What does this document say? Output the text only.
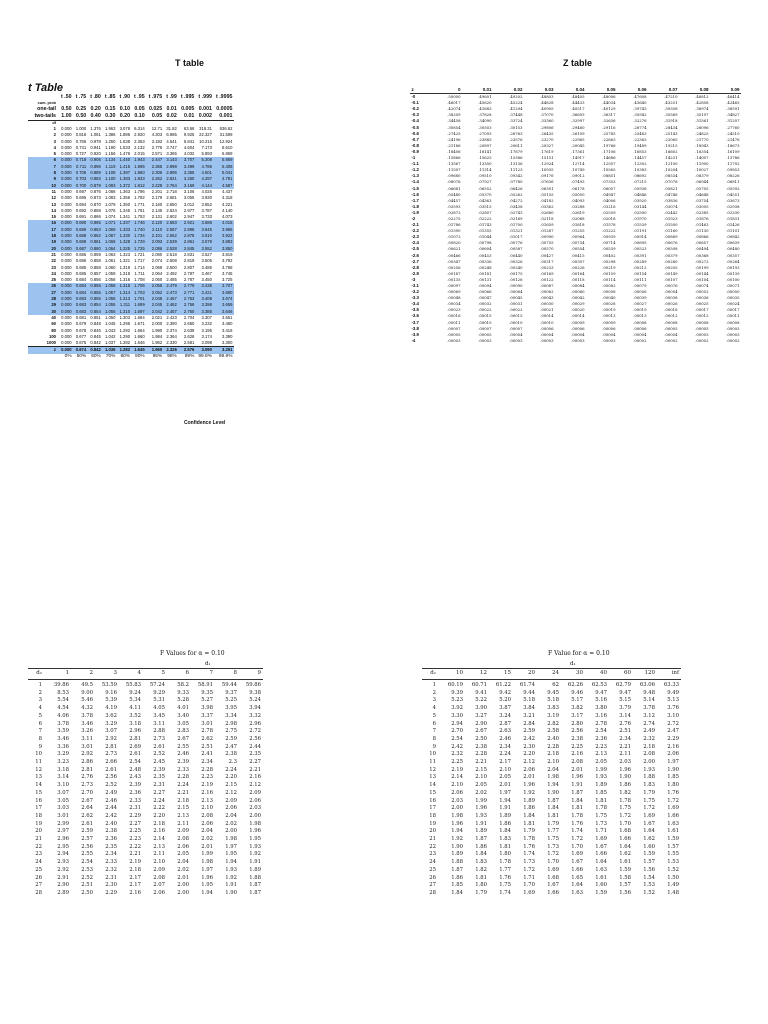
T table
t Table
	t .50	t .75	t .80	t .85	t .90	t .95	t .975	t .99	t .995	t .999	t .9995
cum. prob											
one-tail	0.50	0.25	0.20	0.15	0.10	0.05	0.025	0.01	0.005	0.001	0.0005
two-tails	1.00	0.50	0.40	0.30	0.20	0.10	0.05	0.02	0.01	0.002	0.001
df											
1	0.000	1.000	1.376	1.963	3.078	6.314	12.71	31.82	63.66	318.31	636.62
2	0.000	0.816	1.061	1.386	1.886	2.920	4.303	6.965	9.925	22.327	31.599
3	0.000	0.765	0.978	1.250	1.638	2.353	3.182	4.541	5.841	10.215	12.924
4	0.000	0.741	0.941	1.190	1.533	2.132	2.776	3.747	4.604	7.173	8.610
5	0.000	0.727	0.920	1.156	1.476	2.015	2.571	3.365	4.032	5.893	6.869
6	0.000	0.718	0.906	1.134	1.440	1.943	2.447	3.143	3.707	5.208	5.959
7	0.000	0.711	0.896	1.119	1.415	1.895	2.365	2.998	3.499	4.785	5.408
8	0.000	0.706	0.889	1.108	1.397	1.860	2.306	2.896	3.355	4.501	5.041
9	0.000	0.703	0.883	1.100	1.383	1.833	2.262	2.821	3.250	4.297	4.781
10	0.000	0.700	0.879	1.093	1.372	1.812	2.228	2.764	3.169	4.144	4.587
11	0.000	0.697	0.876	1.088	1.363	1.796	2.201	2.718	3.106	4.025	4.437
12	0.000	0.695	0.873	1.083	1.356	1.782	2.179	2.681	3.055	3.930	4.318
13	0.000	0.694	0.870	1.079	1.350	1.771	2.160	2.650	3.012	3.852	4.221
14	0.000	0.692	0.868	1.076	1.345	1.761	2.145	2.624	2.977	3.787	4.140
15	0.000	0.691	0.866	1.074	1.341	1.753	2.131	2.602	2.947	3.733	4.073
16	0.000	0.690	0.865	1.071	1.337	1.746	2.120	2.583	2.921	3.686	4.015
17	0.000	0.689	0.863	1.069	1.333	1.740	2.110	2.567	2.898	3.646	3.965
18	0.000	0.688	0.862	1.067	1.330	1.734	2.101	2.552	2.878	3.610	3.922
19	0.000	0.688	0.861	1.066	1.328	1.729	2.093	2.539	2.861	3.579	3.883
20	0.000	0.687	0.860	1.064	1.325	1.725	2.086	2.528	2.845	3.552	3.850
21	0.000	0.686	0.859	1.063	1.323	1.721	2.080	2.518	2.831	3.527	3.819
22	0.000	0.686	0.858	1.061	1.321	1.717	2.074	2.508	2.819	3.505	3.792
23	0.000	0.685	0.858	1.060	1.319	1.714	2.069	2.500	2.807	3.485	3.768
24	0.000	0.685	0.857	1.059	1.318	1.711	2.064	2.492	2.797	3.467	3.745
25	0.000	0.684	0.856	1.058	1.316	1.708	2.060	2.485	2.787	3.450	3.725
26	0.000	0.684	0.856	1.058	1.315	1.706	2.056	2.479	2.779	3.435	3.707
27	0.000	0.684	0.855	1.057	1.314	1.703	2.052	2.473	2.771	3.421	3.690
28	0.000	0.683	0.855	1.056	1.313	1.701	2.048	2.467	2.763	3.408	3.674
29	0.000	0.683	0.854	1.055	1.311	1.699	2.045	2.462	2.756	3.396	3.659
30	0.000	0.683	0.854	1.055	1.310	1.697	2.042	2.457	2.750	3.385	3.646
40	0.000	0.681	0.851	1.050	1.303	1.684	2.021	2.423	2.704	3.307	3.551
60	0.000	0.679	0.848	1.045	1.296	1.671	2.000	2.390	2.660	3.232	3.460
80	0.000	0.678	0.846	1.043	1.292	1.664	1.990	2.374	2.639	3.195	3.416
100	0.000	0.677	0.845	1.042	1.290	1.660	1.984	2.364	2.626	3.174	3.390
1000	0.000	0.675	0.842	1.037	1.282	1.646	1.962	2.330	2.581	3.098	3.300
z	0.000	0.674	0.842	1.036	1.282	1.645	1.960	2.326	2.576	3.090	3.291
	0%	50%	60%	70%	80%	90%	95%	98%	99%	99.8%	99.9%
Confidence Level
Z table
z	0	0.01	0.02	0.03	0.04	0.05	0.06	0.07	0.08	0.09
-0	.50000	.49601	.49202	.48803	.48405	.48006	.47608	.47210	.46812	.46414
-0.1	.46017	.45620	.45224	.44828	.44433	.44034	.43640	.43251	.42858	.42465
-0.2	.42074	.41683	.41294	.40905	.40517	.40129	.39743	.39358	.38974	.38591
-0.3	.38209	.37828	.37448	.37070	.36693	.36317	.35942	.35569	.35197	.34827
-0.4	.34458	.34090	.33724	.33360	.32997	.32636	.32276	.31918	.31561	.31207
-0.5	.30854	.30503	.30153	.29806	.29460	.29116	.28774	.28434	.28096	.27760
-0.6	.27425	.27093	.26763	.26435	.26109	.25785	.25463	.25143	.24825	.24510
-0.7	.24196	.23885	.23576	.23270	.22965	.22663	.22363	.22065	.21770	.21476
-0.8	.21186	.20897	.20611	.20327	.20045	.19766	.19489	.19215	.18943	.18673
-0.9	.18406	.18141	.17879	.17619	.17361	.17106	.16853	.16602	.16354	.16109
-1	.15866	.15625	.15386	.15151	.14917	.14686	.14457	.14231	.14007	.13786
-1.1	.13567	.13350	.13136	.12924	.12714	.12507	.12302	.12100	.11900	.11702
-1.2	.11507	.11314	.11123	.10935	.10749	.10565	.10383	.10204	.10027	.09853
-1.3	.09680	.09510	.09342	.09176	.09012	.08851	.08692	.08534	.08379	.08226
-1.4	.08076	.07927	.07780	.07636	.07493	.07353	.07215	.07078	.06944	.06811
-1.5	.06681	.06552	.06426	.06301	.06178	.06057	.05938	.05821	.05705	.05592
-1.6	.05480	.05370	.05262	.05155	.05050	.04947	.04846	.04746	.04648	.04551
-1.7	.04457	.04363	.04272	.04182	.04093	.04006	.03920	.03836	.03754	.03673
-1.8	.03593	.03515	.03438	.03362	.03288	.03216	.03144	.03074	.03005	.02938
-1.9	.02872	.02807	.02743	.02680	.02619	.02559	.02500	.02442	.02385	.02330
-2	.02275	.02222	.02169	.02118	.02068	.02018	.01970	.01923	.01876	.01831
-2.1	.01786	.01743	.01700	.01659	.01618	.01578	.01539	.01500	.01463	.01426
-2.2	.01390	.01355	.01321	.01287	.01255	.01222	.01191	.01160	.01130	.01101
-2.3	.01072	.01044	.01017	.00990	.00964	.00939	.00914	.00889	.00866	.00842
-2.4	.00820	.00798	.00776	.00755	.00734	.00714	.00695	.00676	.00657	.00639
-2.5	.00621	.00604	.00587	.00570	.00554	.00539	.00523	.00508	.00494	.00480
-2.6	.00466	.00453	.00440	.00427	.00415	.00402	.00391	.00379	.00368	.00357
-2.7	.00347	.00336	.00326	.00317	.00307	.00298	.00289	.00280	.00272	.00264
-2.8	.00256	.00248	.00240	.00233	.00226	.00219	.00212	.00205	.00199	.00193
-2.9	.00187	.00181	.00175	.00169	.00164	.00159	.00154	.00149	.00144	.00139
-3	.00135	.00131	.00126	.00122	.00118	.00114	.00111	.00107	.00104	.00100
-3.1	.00097	.00094	.00090	.00087	.00084	.00082	.00079	.00076	.00074	.00071
-3.2	.00069	.00066	.00064	.00062	.00060	.00058	.00056	.00054	.00052	.00050
-3.3	.00048	.00047	.00045	.00043	.00042	.00040	.00039	.00038	.00036	.00035
-3.4	.00034	.00032	.00031	.00030	.00029	.00028	.00027	.00026	.00025	.00024
-3.5	.00023	.00022	.00022	.00021	.00020	.00019	.00019	.00018	.00017	.00017
-3.6	.00016	.00015	.00015	.00014	.00014	.00013	.00013	.00012	.00012	.00011
-3.7	.00011	.00010	.00010	.00010	.00009	.00009	.00008	.00008	.00008	.00008
-3.8	.00007	.00007	.00007	.00006	.00006	.00006	.00006	.00005	.00005	.00005
-3.9	.00005	.00005	.00004	.00004	.00004	.00004	.00004	.00004	.00003	.00003
-4	.00003	.00003	.00003	.00003	.00003	.00003	.00002	.00002	.00002	.00002
F Values for α = 0.10
d₁
d₂	1	2	3	4	5	6	7	8	9
1	39.86	49.5	53.59	55.83	57.24	58.2	58.91	59.44	59.86
2	8.53	9.00	9.16	9.24	9.29	9.33	9.35	9.37	9.38
3	5.54	5.46	5.39	5.34	5.31	5.28	5.27	5.25	5.24
4	4.54	4.32	4.19	4.11	4.05	4.01	3.98	3.95	3.94
5	4.06	3.78	3.62	3.52	3.45	3.40	3.37	3.34	3.32
6	3.78	3.46	3.29	3.18	3.11	3.05	3.01	2.98	2.96
7	3.59	3.26	3.07	2.96	2.88	2.83	2.78	2.75	2.72
8	3.46	3.11	2.92	2.81	2.73	2.67	2.62	2.59	2.56
9	3.36	3.01	2.81	2.69	2.61	2.55	2.51	2.47	2.44
10	3.29	2.92	2.73	2.61	2.52	2.46	2.41	2.38	2.35
11	3.23	2.86	2.66	2.54	2.45	2.39	2.34	2.3	2.27
12	3.18	2.81	2.61	2.48	2.39	2.33	2.28	2.24	2.21
13	3.14	2.76	2.56	2.43	2.35	2.28	2.23	2.20	2.16
14	3.10	2.73	2.52	2.39	2.31	2.24	2.19	2.15	2.12
15	3.07	2.70	2.49	2.36	2.27	2.21	2.16	2.12	2.09
16	3.05	2.67	2.46	2.33	2.24	2.18	2.13	2.09	2.06
17	3.03	2.64	2.44	2.31	2.22	2.15	2.10	2.06	2.03
18	3.01	2.62	2.42	2.29	2.20	2.13	2.08	2.04	2.00
19	2.99	2.61	2.40	2.27	2.18	2.11	2.06	2.02	1.98
20	2.97	2.59	2.38	2.25	2.16	2.09	2.04	2.00	1.96
21	2.96	2.57	2.36	2.23	2.14	2.08	2.02	1.98	1.95
22	2.95	2.56	2.35	2.22	2.13	2.06	2.01	1.97	1.93
23	2.94	2.55	2.34	2.21	2.11	2.05	1.99	1.95	1.92
24	2.93	2.54	2.33	2.19	2.10	2.04	1.98	1.94	1.91
25	2.92	2.53	2.32	2.18	2.09	2.02	1.97	1.93	1.89
26	2.91	2.52	2.31	2.17	2.08	2.01	1.96	1.92	1.88
27	2.90	2.51	2.30	2.17	2.07	2.00	1.95	1.91	1.87
28	2.89	2.50	2.29	2.16	2.06	2.00	1.94	1.90	1.87
F Value for α = 0.10
d₁
d₂	10	12	15	20	24	30	40	60	120	inf
1	60.19	60.71	61.22	61.74	62	62.26	62.53	62.79	63.06	63.33
2	9.39	9.41	9.42	9.44	9.45	9.46	9.47	9.47	9.48	9.49
3	5.23	5.22	5.20	5.18	5.18	5.17	5.16	5.15	5.14	5.13
4	3.92	3.90	3.87	3.84	3.83	3.82	3.80	3.79	3.78	3.76
5	3.30	3.27	3.24	3.21	3.19	3.17	3.16	3.14	3.12	3.10
6	2.94	2.90	2.87	2.84	2.82	2.80	2.78	2.76	2.74	2.72
7	2.70	2.67	2.63	2.59	2.58	2.56	2.54	2.51	2.49	2.47
8	2.54	2.50	2.46	2.42	2.40	2.38	2.36	2.34	2.32	2.29
9	2.42	2.38	2.34	2.30	2.28	2.25	2.23	2.21	2.18	2.16
10	2.32	2.28	2.24	2.20	2.18	2.16	2.13	2.11	2.08	2.06
11	2.25	2.21	2.17	2.12	2.10	2.08	2.05	2.03	2.00	1.97
12	2.19	2.15	2.10	2.06	2.04	2.01	1.99	1.96	1.93	1.90
13	2.14	2.10	2.05	2.01	1.98	1.96	1.93	1.90	1.88	1.85
14	2.10	2.05	2.01	1.96	1.94	1.91	1.89	1.86	1.83	1.80
15	2.06	2.02	1.97	1.92	1.90	1.87	1.85	1.82	1.79	1.76
16	2.03	1.99	1.94	1.89	1.87	1.84	1.81	1.78	1.75	1.72
17	2.00	1.96	1.91	1.86	1.84	1.81	1.78	1.75	1.72	1.69
18	1.98	1.93	1.89	1.84	1.81	1.78	1.75	1.72	1.69	1.66
19	1.96	1.91	1.86	1.81	1.79	1.76	1.73	1.70	1.67	1.63
20	1.94	1.89	1.84	1.79	1.77	1.74	1.71	1.68	1.64	1.61
21	1.92	1.87	1.83	1.78	1.75	1.72	1.69	1.66	1.62	1.59
22	1.90	1.86	1.81	1.76	1.73	1.70	1.67	1.64	1.60	1.57
23	1.89	1.84	1.80	1.74	1.72	1.69	1.66	1.62	1.59	1.55
24	1.88	1.83	1.78	1.73	1.70	1.67	1.64	1.61	1.57	1.53
25	1.87	1.82	1.77	1.72	1.69	1.66	1.63	1.59	1.56	1.52
26	1.86	1.81	1.76	1.71	1.68	1.65	1.61	1.58	1.54	1.50
27	1.85	1.80	1.75	1.70	1.67	1.64	1.60	1.57	1.53	1.49
28	1.84	1.79	1.74	1.69	1.66	1.63	1.59	1.56	1.52	1.48
